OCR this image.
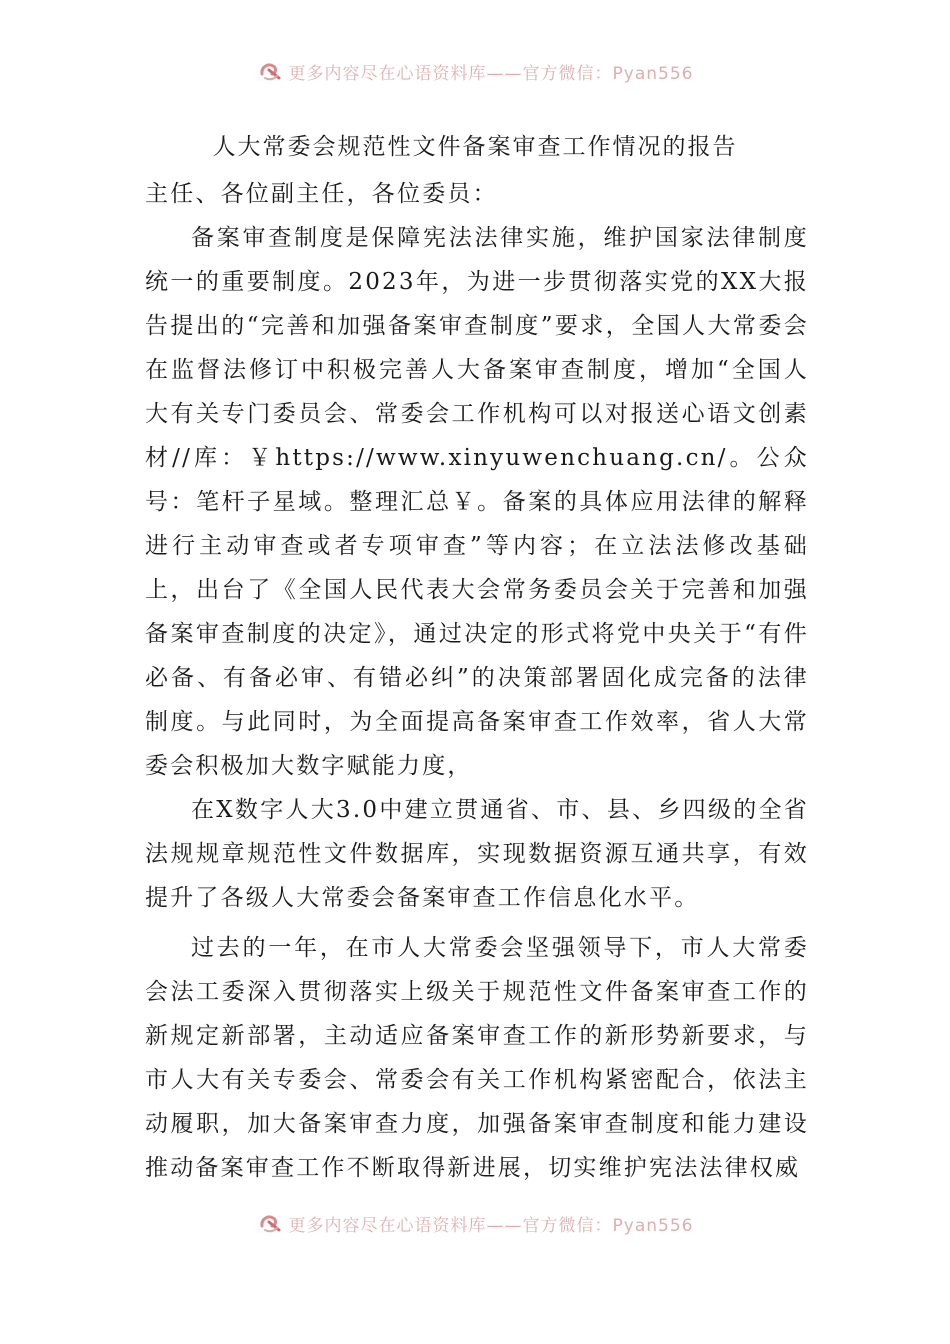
更多内容尽在心语资料库——官方微信：Pyan556
人大常委会规范性文件备案审查工作情况的报告

主任、各位副主任，各位委员：

备案审查制度是保障宪法法律实施，维护国家法律制度统一的重要制度。2023年，为进一步贯彻落实党的XX大报告提出的“完善和加强备案审查制度”要求，全国人大常委会在监督法修订中积极完善人大备案审查制度，增加“全国人大有关专门委员会、常委会工作机构可以对报送心语文创素材//库：￥https://www.xinyuwenchuang.cn/。公众号：笔杆子星域。整理汇总￥。备案的具体应用法律的解释进行主动审查或者专项审查”等内容；在立法法修改基础上，出台了《全国人民代表大会常务委员会关于完善和加强备案审查制度的决定》，通过决定的形式将党中央关于“有件必备、有备必审、有错必纠”的决策部署固化成完备的法律制度。与此同时，为全面提高备案审查工作效率，省人大常委会积极加大数字赋能力度，

在X数字人大3.0中建立贯通省、市、县、乡四级的全省法规规章规范性文件数据库，实现数据资源互通共享，有效提升了各级人大常委会备案审查工作信息化水平。

过去的一年，在市人大常委会坚强领导下，市人大常委会法工委深入贯彻落实上级关于规范性文件备案审查工作的新规定新部署，主动适应备案审查工作的新形势新要求，与市人大有关专委会、常委会有关工作机构紧密配合，依法主动履职，加大备案审查力度，加强备案审查制度和能力建设推动备案审查工作不断取得新进展，切实维护宪法法律权威

更多内容尽在心语资料库——官方微信：Pyan556
